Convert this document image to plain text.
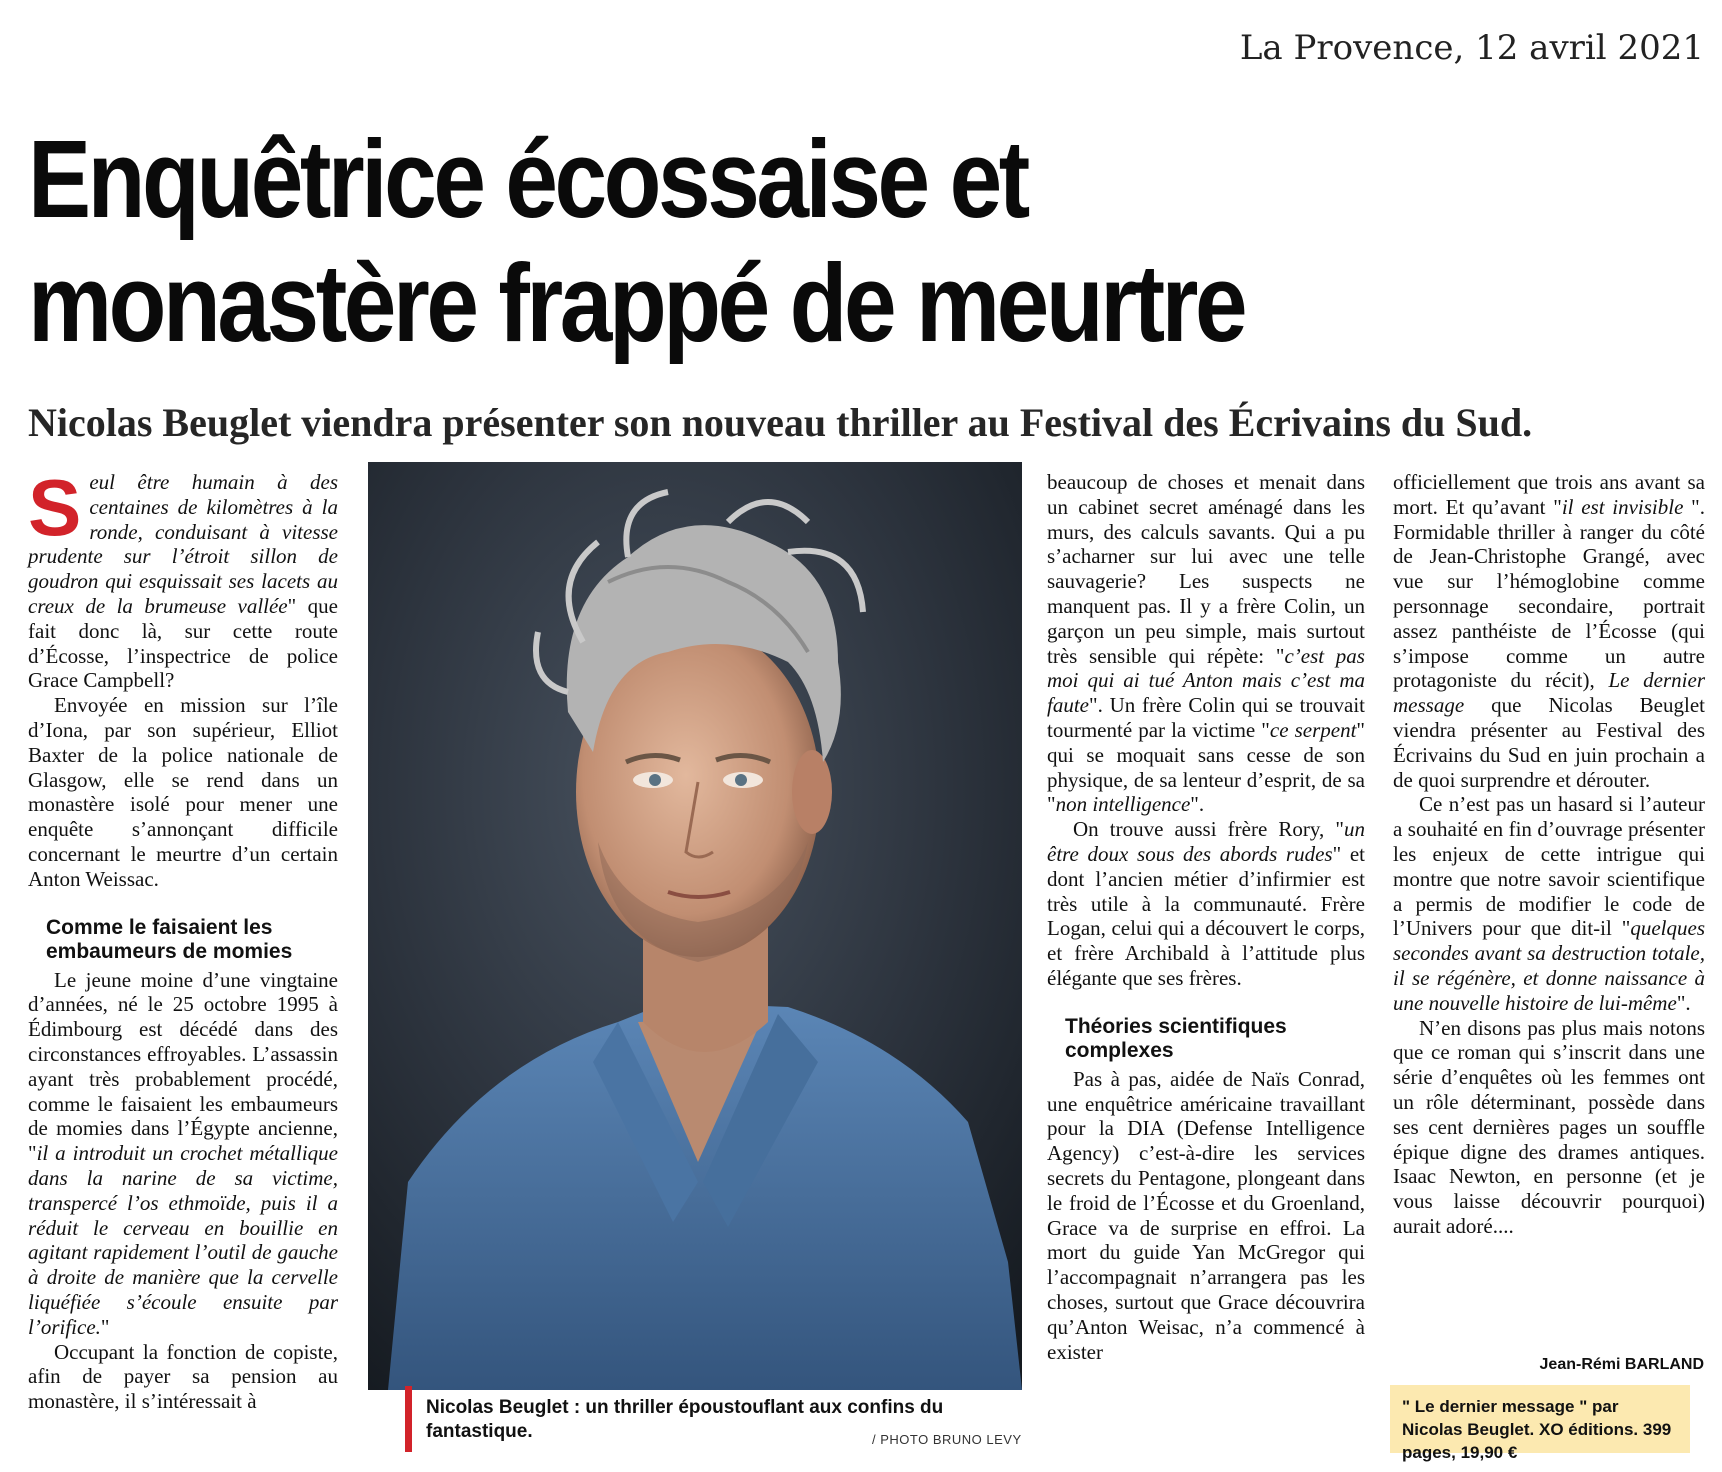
La Provence, 12 avril 2021
Enquêtrice écossaise et
monastère frappé de meurtre
Nicolas Beuglet viendra présenter son nouveau thriller au Festival des Écrivains du Sud.

Seul être humain à des centaines de kilomètres à la ronde, conduisant à vitesse prudente sur l’étroit sillon de goudron qui esquissait ses lacets au creux de la brumeuse vallée" que fait donc là, sur cette route d’Écosse, l’inspectrice de police Grace Campbell?

Envoyée en mission sur l’île d’Iona, par son supérieur, Elliot Baxter de la police nationale de Glasgow, elle se rend dans un monastère isolé pour mener une enquête s’annonçant difficile concernant le meurtre d’un certain Anton Weissac.

Comme le faisaient les embaumeurs de momies

Le jeune moine d’une vingtaine d’années, né le 25 octobre 1995 à Édimbourg est décédé dans des circonstances effroyables. L’assassin ayant très probablement procédé, comme le faisaient les embaumeurs de momies dans l’Égypte ancienne, "il a introduit un crochet métallique dans la narine de sa victime, transpercé l’os ethmoïde, puis il a réduit le cerveau en bouillie en agitant rapidement l’outil de gauche à droite de manière que la cervelle liquéfiée s’écoule ensuite par l’orifice."

Occupant la fonction de copiste, afin de payer sa pension au monastère, il s’intéressait à	Nicolas Beuglet : un thriller époustouflant aux confins du fantastique.	/ PHOTO BRUNO LEVY

beaucoup de choses et menait dans un cabinet secret aménagé dans les murs, des calculs savants. Qui a pu s’acharner sur lui avec une telle sauvagerie? Les suspects ne manquent pas. Il y a frère Colin, un garçon un peu simple, mais surtout très sensible qui répète: "c’est pas moi qui ai tué Anton mais c’est ma faute". Un frère Colin qui se trouvait tourmenté par la victime "ce serpent" qui se moquait sans cesse de son physique, de sa lenteur d’esprit, de sa "non intelligence".

On trouve aussi frère Rory, "un être doux sous des abords rudes" et dont l’ancien métier d’infirmier est très utile à la communauté. Frère Logan, celui qui a découvert le corps, et frère Archibald à l’attitude plus élégante que ses frères.

Théories scientifiques complexes

Pas à pas, aidée de Naïs Conrad, une enquêtrice américaine travaillant pour la DIA (Defense Intelligence Agency) c’est-à-dire les services secrets du Pentagone, plongeant dans le froid de l’Écosse et du Groenland, Grace va de surprise en effroi. La mort du guide Yan McGregor qui l’accompagnait n’arrangera pas les choses, surtout que Grace découvrira qu’Anton Weisac, n’a commencé à exister

officiellement que trois ans avant sa mort. Et qu’avant "il est invisible ". Formidable thriller à ranger du côté de Jean-Christophe Grangé, avec vue sur l’hémoglobine comme personnage secondaire, portrait assez panthéiste de l’Écosse (qui s’impose comme un autre protagoniste du récit), Le dernier message que Nicolas Beuglet viendra présenter au Festival des Écrivains du Sud en juin prochain a de quoi surprendre et dérouter.

Ce n’est pas un hasard si l’auteur a souhaité en fin d’ouvrage présenter les enjeux de cette intrigue qui montre que notre savoir scientifique a permis de modifier le code de l’Univers pour que dit-il "quelques secondes avant sa destruction totale, il se régénère, et donne naissance à une nouvelle histoire de lui-même".

N’en disons pas plus mais notons que ce roman qui s’inscrit dans une série d’enquêtes où les femmes ont un rôle déterminant, possède dans ses cent dernières pages un souffle épique digne des drames antiques. Isaac Newton, en personne (et je vous laisse découvrir pourquoi) aurait adoré....

Jean-Rémi BARLAND
" Le dernier message " par Nicolas Beuglet. XO éditions. 399 pages, 19,90 €
